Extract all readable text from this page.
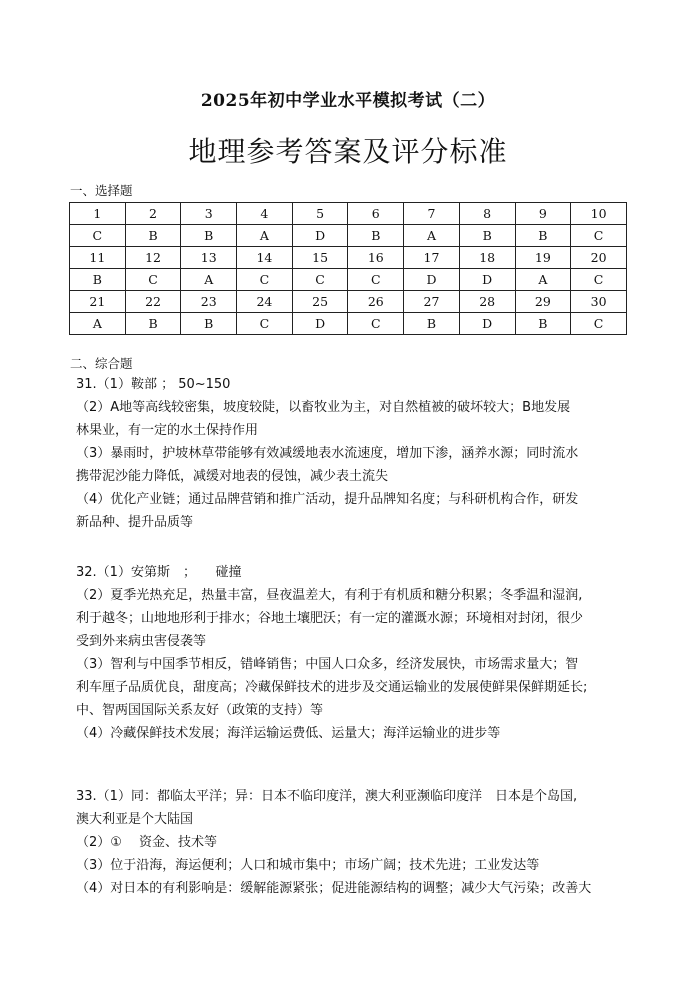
2025年初中学业水平模拟考试（二）
地理参考答案及评分标准
一、选择题
1	2	3	4	5	6	7	8	9	10
C	B	B	A	D	B	A	B	B	C
11	12	13	14	15	16	17	18	19	20
B	C	A	C	C	C	D	D	A	C
21	22	23	24	25	26	27	28	29	30
A	B	B	C	D	C	B	D	B	C
二、综合题

31.（1）鞍部 ； 50~150

（2）A地等高线较密集，坡度较陡，以畜牧业为主，对自然植被的破坏较大；B地发展

林果业，有一定的水土保持作用

（3）暴雨时，护坡林草带能够有效减缓地表水流速度，增加下渗，涵养水源；同时流水

携带泥沙能力降低，减缓对地表的侵蚀，减少表土流失

（4）优化产业链；通过品牌营销和推广活动，提升品牌知名度；与科研机构合作，研发

新品种、提升品质等

32.（1）安第斯　；　　碰撞

（2）夏季光热充足，热量丰富，昼夜温差大，有利于有机质和糖分积累；冬季温和湿润,

利于越冬；山地地形利于排水；谷地土壤肥沃；有一定的灌溉水源；环境相对封闭，很少

受到外来病虫害侵袭等

（3）智利与中国季节相反，错峰销售；中国人口众多，经济发展快，市场需求量大；智

利车厘子品质优良，甜度高；冷藏保鲜技术的进步及交通运输业的发展使鲜果保鲜期延长;

中、智两国国际关系友好（政策的支持）等

（4）冷藏保鲜技术发展；海洋运输运费低、运量大；海洋运输业的进步等

33.（1）同：都临太平洋；异：日本不临印度洋，澳大利亚濒临印度洋　日本是个岛国,

澳大利亚是个大陆国

（2）①　 资金、技术等

（3）位于沿海，海运便利；人口和城市集中；市场广阔；技术先进；工业发达等

（4）对日本的有利影响是：缓解能源紧张；促进能源结构的调整；减少大气污染；改善大
